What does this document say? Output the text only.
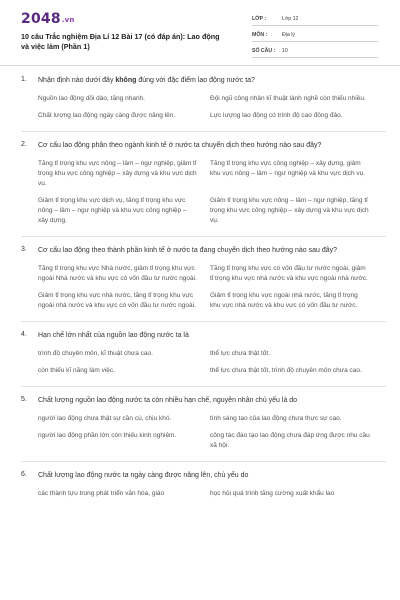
2048.vn
10 câu Trắc nghiệm Địa Lí 12 Bài 17 (có đáp án): Lao động và việc làm (Phần 1)
LỚP :	Lớp 12
MÔN :	Địa lý
SỐ CÂU :	10
1. Nhận định nào dưới đây không đúng với đặc điểm lao động nước ta?
Nguồn lao động dồi dào, tăng nhanh.	Đội ngũ công nhân kĩ thuật lành nghề còn thiếu nhiều.
Chất lượng lao động ngày càng được nâng lên.	Lực lượng lao động có trình độ cao đông đảo.
2. Cơ cấu lao động phân theo ngành kinh tế ở nước ta chuyển dịch theo hướng nào sau đây?
Tăng tỉ trọng khu vực nông – lâm – ngư nghiệp, giảm tỉ trọng khu vực công nghiệp – xây dựng và khu vực dịch vụ.
Tăng tỉ trọng khu vực công nghiệp – xây dựng, giảm khu vực nông – lâm – ngư nghiệp và khu vực dịch vụ.
Giảm tỉ trọng khu vực dịch vụ, tăng tỉ trọng khu vực nông – lâm – ngư nghiệp và khu vực công nghiệp – xây dựng.
Giảm tỉ trọng khu vực nông – lâm – ngư nghiệp, tăng tỉ trọng khu vực công nghiệp – xây dựng và khu vực dịch vụ.
3. Cơ cấu lao động theo thành phần kinh tế ở nước ta đang chuyển dịch theo hướng nào sau đây?
Tăng tỉ trọng khu vực Nhà nước, giảm tỉ trọng khu vực ngoài Nhà nước và khu vực có vốn đầu tư nước ngoài.
Tăng tỉ trọng khu vực có vốn đầu tư nước ngoài, giảm tỉ trọng khu vực nhà nước và khu vực ngoài nhà nước.
Giảm tỉ trọng khu vực nhà nước, tăng tỉ trọng khu vực ngoài nhà nước và khu vực có vốn đầu tư nước ngoài.
Giảm tỉ trọng khu vực ngoài nhà nước, tăng tỉ trọng khu vực nhà nước và khu vực có vốn đầu tư nước.
4. Hạn chế lớn nhất của nguồn lao động nước ta là
trình độ chuyên môn, kĩ thuật chưa cao.	thể lực chưa thật tốt.
còn thiếu kĩ năng làm việc.	thể lực chưa thật tốt, trình độ chuyên môn chưa cao.
5. Chất lượng nguồn lao động nước ta còn nhiều hạn chế, nguyên nhân chủ yếu là do
người lao động chưa thật sự cần cù, chịu khó.	tính sáng tạo của lao động chưa thực sự cao.
người lao động phần lớn còn thiếu kinh nghiệm.	công tác đào tạo lao động chưa đáp ứng được nhu cầu xã hội.
6. Chất lượng lao động nước ta ngày càng được nâng lên, chủ yếu do
các thành tựu trong phát triển văn hóa, giáo	học hỏi quá trình tăng cường xuất khẩu lao
